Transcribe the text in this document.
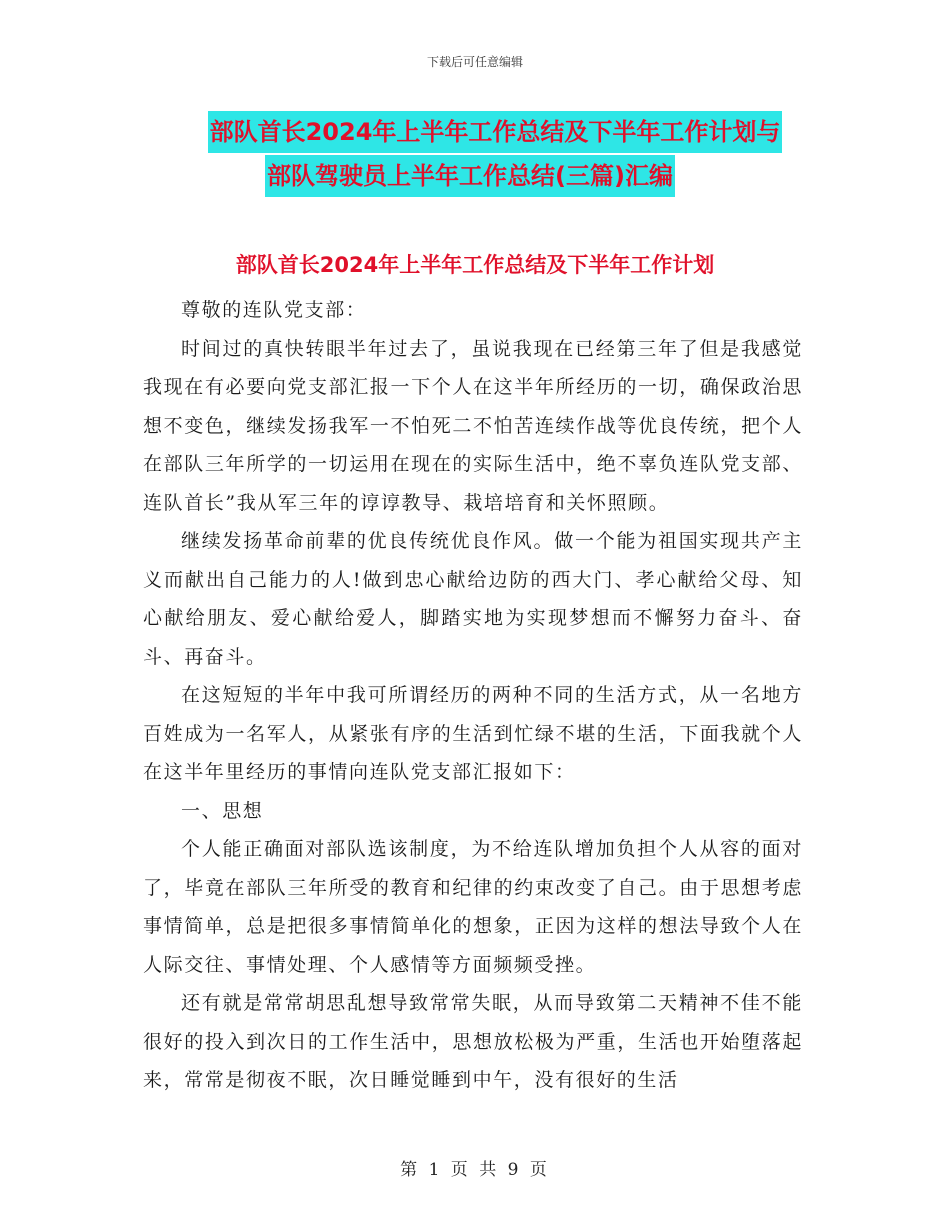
下载后可任意编辑
部队首长2024年上半年工作总结及下半年工作计划与
部队驾驶员上半年工作总结(三篇)汇编
部队首长2024年上半年工作总结及下半年工作计划

尊敬的连队党支部：

时间过的真快转眼半年过去了，虽说我现在已经第三年了但是我感觉我现在有必要向党支部汇报一下个人在这半年所经历的一切，确保政治思想不变色，继续发扬我军一不怕死二不怕苦连续作战等优良传统，把个人在部队三年所学的一切运用在现在的实际生活中，绝不辜负连队党支部、连队首长”我从军三年的谆谆教导、栽培培育和关怀照顾。

继续发扬革命前辈的优良传统优良作风。做一个能为祖国实现共产主义而献出自己能力的人!做到忠心献给边防的西大门、孝心献给父母、知心献给朋友、爱心献给爱人，脚踏实地为实现梦想而不懈努力奋斗、奋斗、再奋斗。

在这短短的半年中我可所谓经历的两种不同的生活方式，从一名地方百姓成为一名军人，从紧张有序的生活到忙绿不堪的生活，下面我就个人在这半年里经历的事情向连队党支部汇报如下：

一、思想

个人能正确面对部队选该制度，为不给连队增加负担个人从容的面对了，毕竟在部队三年所受的教育和纪律的约束改变了自己。由于思想考虑事情简单，总是把很多事情简单化的想象，正因为这样的想法导致个人在人际交往、事情处理、个人感情等方面频频受挫。

还有就是常常胡思乱想导致常常失眠，从而导致第二天精神不佳不能很好的投入到次日的工作生活中，思想放松极为严重，生活也开始堕落起来，常常是彻夜不眠，次日睡觉睡到中午，没有很好的生活

第 1 页 共 9 页
